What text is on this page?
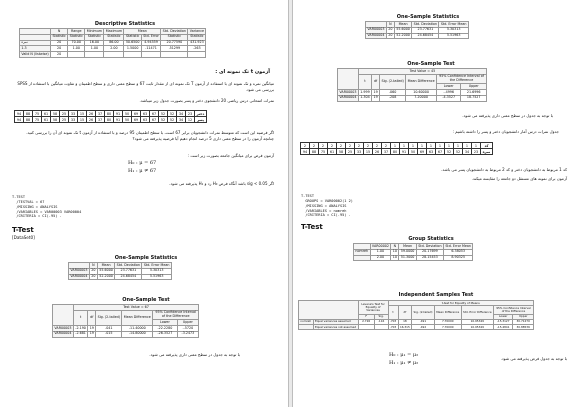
Descriptive Statistics
	N	Range	Minimum	Maximum	Mean		Std. Deviation	Variance
	Statistic	Statistic	Statistic	Statistic	Statistic	Std. Error	Statistic	Statistic
نمره	20	70.00	16.00	86.00	50.6500	4.94559	20.77590	431.923
1.3	20	1.00	1.00	2.00	1.5000	.11471	.51299	.263
Valid N (listwise)	20							
آزمون t تک نمونه ای :
میانگین نمره و تک نمونه ای با استفاده از آزمون T تک نمونه ای از مقدار ثابت 67 و سطح معنی داری و سطح اطمینان و تفاوت میانگین با استفاده از SPSS بررسی می شود.
نمرات امتحانی درس ریاضی 20 دانشجوی دختر و پسر بصورت جدول زیر میباشد.
94	88	75	61	58	25	33	15	26	37	80	91	50	69	63	67	52	52	34	23	دختر
94	88	75	61	58	25	33	15	26	37	80	91	50	69	63	67	52	52	34	12	پسر
اگر فرضیه این است که متوسط نمرات دانشجویان برابر 67 است، با سطح اطمینان 95 درصد و با استفاده از آزمون t تک نمونه ای آن را بررسی کنید. چنانچه آزمون را در سطح معنی داری 5 درصد انجام دهیم آیا فرضیه پذیرفته می شود؟
آزمون فرض برای میانگین جامعه بصورت زیر است :
H₀ : μ = 67
H₁ : μ ≠ 67
اگر sig < 0.05 باشد آنگاه فرض H₀ رد و H₁ پذیرفته می شود.
T-TEST
/TESTVAL = 67
/MISSING = ANALYSIS
/VARIABLES = VAR00003 VAR00004
/CRITERIA = CI(.95) .
T-Test
[DataSet0]
One-Sample Statistics
	N	Mean	Std. Deviation	Std. Error Mean
VAR00003	20	55.6000	23.77631	5.30313
VAR00004	20	52.2000	24.68454	5.51963
One-Sample Test
	Test Value = 67					
	t	df	Sig. (2-tailed)	Mean Difference	95% Confidence Interval of the Difference	
					Lower	Upper
VAR00003	-2.190	19	.041	-11.40000	-22.2280	-.5720
VAR00004	-2.681	19	.015	-14.80000	-26.3527	-3.2473
با توجه به جدول در سطح معنی داری پذیرفته می شود.
One-Sample Statistics
	N	Mean	Std. Deviation	Std. Error Mean
VAR00003	20	55.6000	23.77631	5.30313
VAR00004	20	52.2000	24.68454	5.51963
One-Sample Test
	Test Value = 45					
	t	df	Sig. (2-tailed)	Mean Difference	95% Confidence Interval of the Difference	
					Lower	Upper
VAR00003	1.999	19	.060	10.60000	-.4996	21.6996
VAR00004	1.304	19	.208	7.20000	-4.3527	18.7527
با توجه به جدول در سطح معنی داری پذیرفته می شود.
جدول نمرات درس آمار دانشجویان دختر و پسر را داشته باشیم :
2	2	2	2	2	2	2	2	2	2	1	1	1	1	1	1	1	1	1	1	کد
94	88	75	61	58	25	33	15	26	37	80	91	50	69	63	67	52	52	34	23	نمره
کد 1 مربوط به دانشجویان دختر و کد 2 مربوط به دانشجویان پسر می باشد.
آزمون برای نمونه های مستقل دو جامعه را مقایسه میکند.
T-TEST
GROUPS = VAR00002(1 2)
/MISSING = ANALYSIS
/VARIABLES = nomreh
/CRITERIA = CI(.95) .
T-Test
Group Statistics
	VAR00002	N	Mean	Std. Deviation	Std. Error Mean
nomreh	1.00	10	59.0000	20.17699	6.38053
	2.00	10	51.3000	28.15453	8.90325
Independent Samples Test
		Levene's Test for Equality of Variances		t-test for Equality of Means						
				t	df	Sig. (2-tailed)	Mean Difference	Std. Error Difference	95% Confidence Interval of the Difference	
		F	Sig.						Lower	Upper
nomreh	Equal variances assumed	2.726	.116	.703	18	.491	7.70000	10.95349	-15.3127	30.71270
	Equal variances not assumed			.703	16.315	.492	7.70000	10.95349	-15.4841	30.88536
H₀ : μ₁ = μ₂
H₁ : μ₁ ≠ μ₂
با توجه به جدول فرض پذیرفته می شود.
